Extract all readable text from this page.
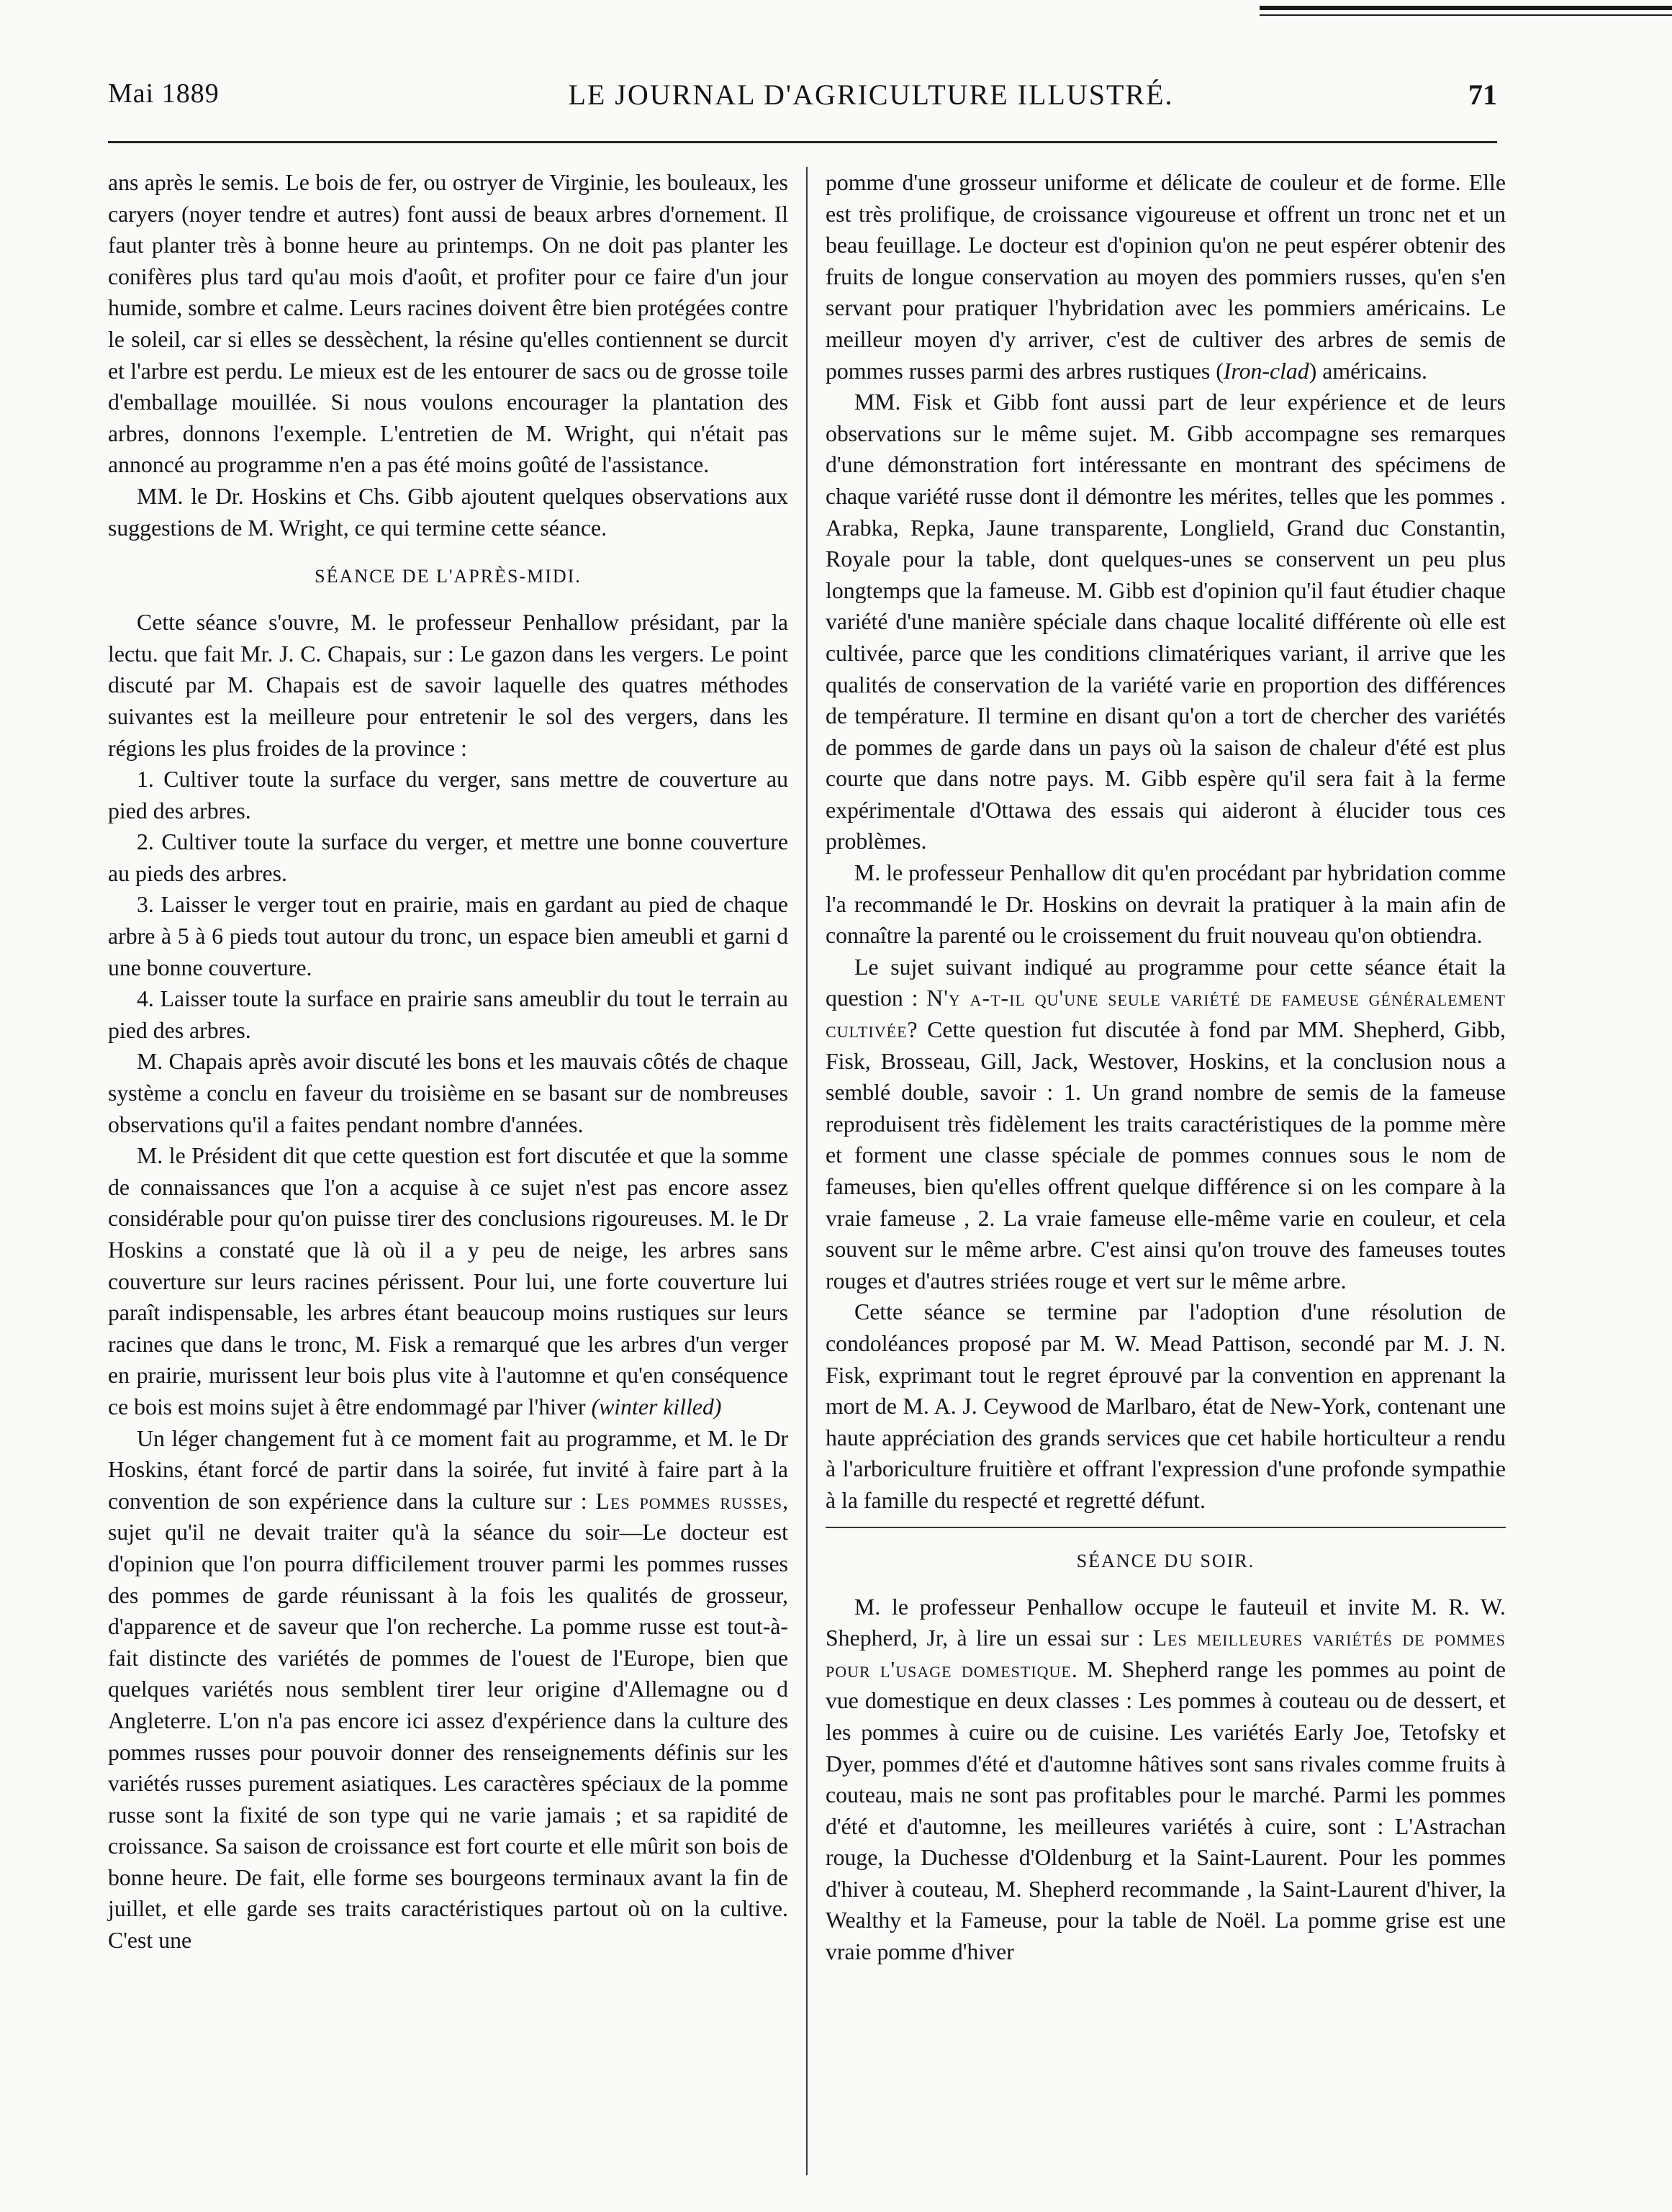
Mai 1889	LE JOURNAL D'AGRICULTURE ILLUSTRÉ.	71

ans après le semis. Le bois de fer, ou ostryer de Virginie, les bouleaux, les caryers (noyer tendre et autres) font aussi de beaux arbres d'ornement. Il faut planter très à bonne heure au printemps. On ne doit pas planter les conifères plus tard qu'au mois d'août, et profiter pour ce faire d'un jour humide, sombre et calme. Leurs racines doivent être bien protégées contre le soleil, car si elles se dessèchent, la résine qu'elles contiennent se durcit et l'arbre est perdu. Le mieux est de les entourer de sacs ou de grosse toile d'emballage mouillée. Si nous voulons encourager la plantation des arbres, donnons l'exemple. L'entretien de M. Wright, qui n'était pas annoncé au programme n'en a pas été moins goûté de l'assistance.

MM. le Dr. Hoskins et Chs. Gibb ajoutent quelques observations aux suggestions de M. Wright, ce qui termine cette séance.

SÉANCE DE L'APRÈS-MIDI.

Cette séance s'ouvre, M. le professeur Penhallow présidant, par la lectu. que fait Mr. J. C. Chapais, sur : Le gazon dans les vergers. Le point discuté par M. Chapais est de savoir laquelle des quatres méthodes suivantes est la meilleure pour entretenir le sol des vergers, dans les régions les plus froides de la province :

1. Cultiver toute la surface du verger, sans mettre de couverture au pied des arbres.

2. Cultiver toute la surface du verger, et mettre une bonne couverture au pieds des arbres.

3. Laisser le verger tout en prairie, mais en gardant au pied de chaque arbre à 5 à 6 pieds tout autour du tronc, un espace bien ameubli et garni d une bonne couverture.

4. Laisser toute la surface en prairie sans ameublir du tout le terrain au pied des arbres.

M. Chapais après avoir discuté les bons et les mauvais côtés de chaque système a conclu en faveur du troisième en se basant sur de nombreuses observations qu'il a faites pendant nombre d'années.

M. le Président dit que cette question est fort discutée et que la somme de connaissances que l'on a acquise à ce sujet n'est pas encore assez considérable pour qu'on puisse tirer des conclusions rigoureuses. M. le Dr Hoskins a constaté que là où il a y peu de neige, les arbres sans couverture sur leurs racines périssent. Pour lui, une forte couverture lui paraît indispensable, les arbres étant beaucoup moins rustiques sur leurs racines que dans le tronc, M. Fisk a remarqué que les arbres d'un verger en prairie, murissent leur bois plus vite à l'automne et qu'en conséquence ce bois est moins sujet à être endommagé par l'hiver (winter killed)

Un léger changement fut à ce moment fait au programme, et M. le Dr Hoskins, étant forcé de partir dans la soirée, fut invité à faire part à la convention de son expérience dans la culture sur : Les pommes russes, sujet qu'il ne devait traiter qu'à la séance du soir—Le docteur est d'opinion que l'on pourra difficilement trouver parmi les pommes russes des pommes de garde réunissant à la fois les qualités de grosseur, d'apparence et de saveur que l'on recherche. La pomme russe est tout-à-fait distincte des variétés de pommes de l'ouest de l'Europe, bien que quelques variétés nous semblent tirer leur origine d'Allemagne ou d Angleterre. L'on n'a pas encore ici assez d'expérience dans la culture des pommes russes pour pouvoir donner des renseignements définis sur les variétés russes purement asiatiques. Les caractères spéciaux de la pomme russe sont la fixité de son type qui ne varie jamais ; et sa rapidité de croissance. Sa saison de croissance est fort courte et elle mûrit son bois de bonne heure. De fait, elle forme ses bourgeons terminaux avant la fin de juillet, et elle garde ses traits caractéristiques partout où on la cultive. C'est une

pomme d'une grosseur uniforme et délicate de couleur et de forme. Elle est très prolifique, de croissance vigoureuse et offrent un tronc net et un beau feuillage. Le docteur est d'opinion qu'on ne peut espérer obtenir des fruits de longue conservation au moyen des pommiers russes, qu'en s'en servant pour pratiquer l'hybridation avec les pommiers américains. Le meilleur moyen d'y arriver, c'est de cultiver des arbres de semis de pommes russes parmi des arbres rustiques (Iron-clad) américains.

MM. Fisk et Gibb font aussi part de leur expérience et de leurs observations sur le même sujet. M. Gibb accompagne ses remarques d'une démonstration fort intéressante en montrant des spécimens de chaque variété russe dont il démontre les mérites, telles que les pommes . Arabka, Repka, Jaune transparente, Longlield, Grand duc Constantin, Royale pour la table, dont quelques-unes se conservent un peu plus longtemps que la fameuse. M. Gibb est d'opinion qu'il faut étudier chaque variété d'une manière spéciale dans chaque localité différente où elle est cultivée, parce que les conditions climatériques variant, il arrive que les qualités de conservation de la variété varie en proportion des différences de température. Il termine en disant qu'on a tort de chercher des variétés de pommes de garde dans un pays où la saison de chaleur d'été est plus courte que dans notre pays. M. Gibb espère qu'il sera fait à la ferme expérimentale d'Ottawa des essais qui aideront à élucider tous ces problèmes.

M. le professeur Penhallow dit qu'en procédant par hybridation comme l'a recommandé le Dr. Hoskins on devrait la pratiquer à la main afin de connaître la parenté ou le croissement du fruit nouveau qu'on obtiendra.

Le sujet suivant indiqué au programme pour cette séance était la question : N'y a-t-il qu'une seule variété de fameuse généralement cultivée? Cette question fut discutée à fond par MM. Shepherd, Gibb, Fisk, Brosseau, Gill, Jack, Westover, Hoskins, et la conclusion nous a semblé double, savoir : 1. Un grand nombre de semis de la fameuse reproduisent très fidèlement les traits caractéristiques de la pomme mère et forment une classe spéciale de pommes connues sous le nom de fameuses, bien qu'elles offrent quelque différence si on les compare à la vraie fameuse , 2. La vraie fameuse elle-même varie en couleur, et cela souvent sur le même arbre. C'est ainsi qu'on trouve des fameuses toutes rouges et d'autres striées rouge et vert sur le même arbre.

Cette séance se termine par l'adoption d'une résolution de condoléances proposé par M. W. Mead Pattison, secondé par M. J. N. Fisk, exprimant tout le regret éprouvé par la convention en apprenant la mort de M. A. J. Ceywood de Marlbaro, état de New-York, contenant une haute appréciation des grands services que cet habile horticulteur a rendu à l'arboriculture fruitière et offrant l'expression d'une profonde sympathie à la famille du respecté et regretté défunt.

SÉANCE DU SOIR.

M. le professeur Penhallow occupe le fauteuil et invite M. R. W. Shepherd, Jr, à lire un essai sur : Les meilleures variétés de pommes pour l'usage domestique. M. Shepherd range les pommes au point de vue domestique en deux classes : Les pommes à couteau ou de dessert, et les pommes à cuire ou de cuisine. Les variétés Early Joe, Tetofsky et Dyer, pommes d'été et d'automne hâtives sont sans rivales comme fruits à couteau, mais ne sont pas profitables pour le marché. Parmi les pommes d'été et d'automne, les meilleures variétés à cuire, sont : L'Astrachan rouge, la Duchesse d'Oldenburg et la Saint-Laurent. Pour les pommes d'hiver à couteau, M. Shepherd recommande , la Saint-Laurent d'hiver, la Wealthy et la Fameuse, pour la table de Noël. La pomme grise est une vraie pomme d'hiver
